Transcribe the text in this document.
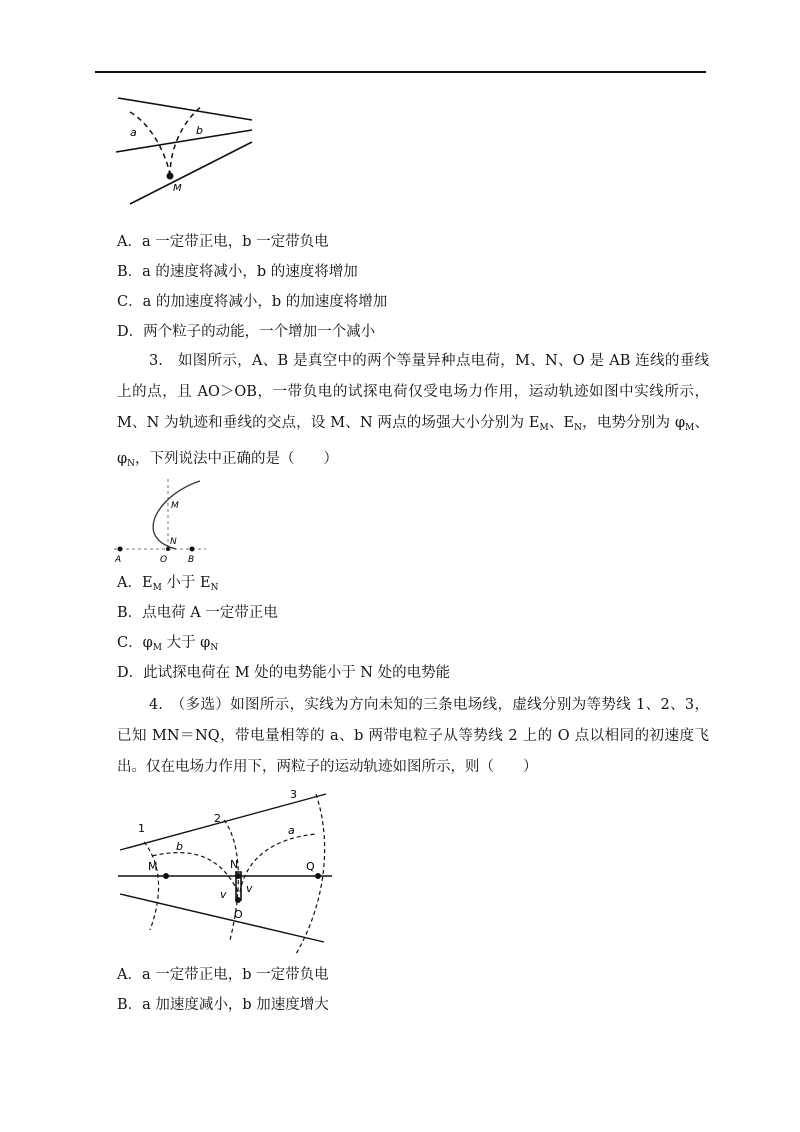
a	b
M
A．a 一定带正电，b 一定带负电
B．a 的速度将减小，b 的速度将增加
C．a 的加速度将减小，b 的加速度将增加
D．两个粒子的动能，一个增加一个减小
3.　 如图所示，A、B 是真空中的两个等量异种点电荷，M、N、O 是 AB 连线的垂线上的点，且 AO＞OB，一带负电的试探电荷仅受电场力作用，运动轨迹如图中实线所示，M、N 为轨迹和垂线的交点，设 M、N 两点的场强大小分别为 $E_M$、$E_N$，电势分别为 $\varphi_M$、$\varphi_N$，下列说法中正确的是（　　）
M
N
A	O B
A．$E_M$ 小于 $E_N$
B．点电荷 A 一定带正电
C．$\varphi_M$ 大于 $\varphi_N$
D．此试探电荷在 M 处的电势能小于 N 处的电势能
4.　 （多选）如图所示，实线为方向未知的三条电场线，虚线分别为等势线 1、2、3，已知 MN＝NQ，带电量相等的 a、b 两带电粒子从等势线 2 上的 O 点以相同的初速度飞出。仅在电场力作用下，两粒子的运动轨迹如图所示，则（　　）
1
2
3
M	N	Q
O
a
b
v v
A．a 一定带正电，b 一定带负电
B．a 加速度减小，b 加速度增大
